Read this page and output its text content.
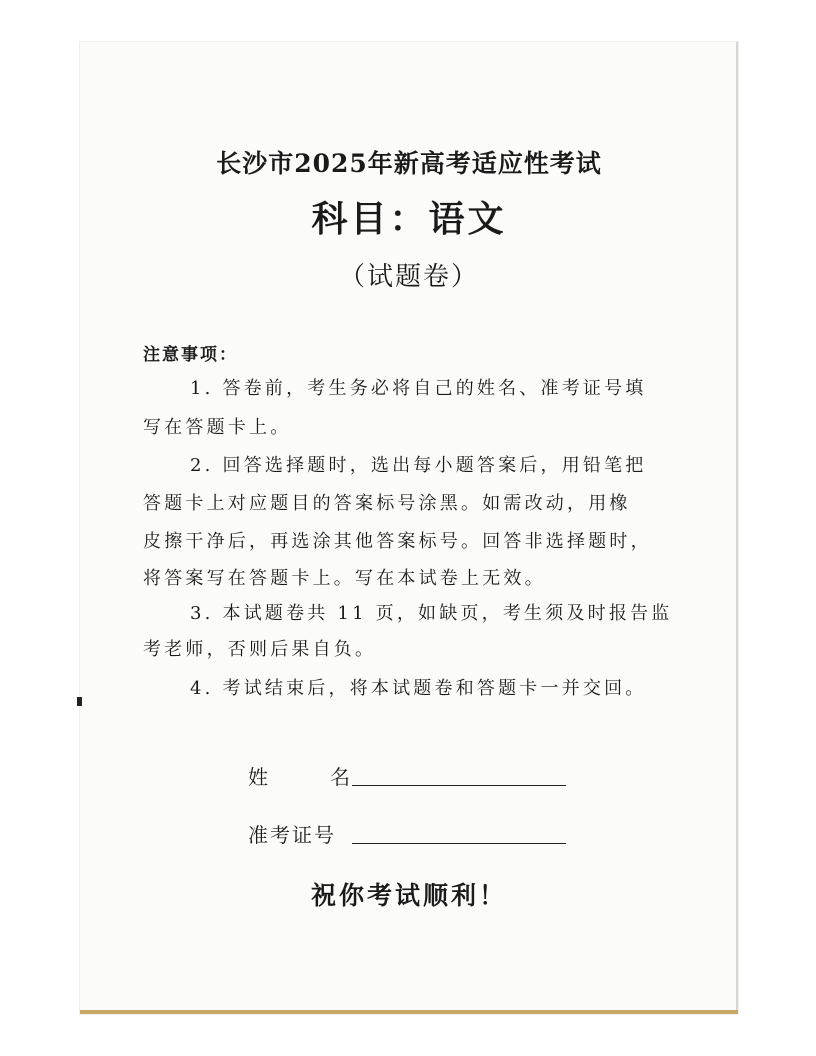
长沙市2025年新高考适应性考试
科目：语文
（试题卷）
注意事项：
1. 答卷前，考生务必将自己的姓名、准考证号填
写在答题卡上。
2. 回答选择题时，选出每小题答案后，用铅笔把
答题卡上对应题目的答案标号涂黑。如需改动，用橡
皮擦干净后，再选涂其他答案标号。回答非选择题时，
将答案写在答题卡上。写在本试卷上无效。
3. 本试题卷共 11 页，如缺页，考生须及时报告监
考老师，否则后果自负。
4. 考试结束后，将本试题卷和答题卡一并交回。
姓	名
准考证号
祝你考试顺利！
